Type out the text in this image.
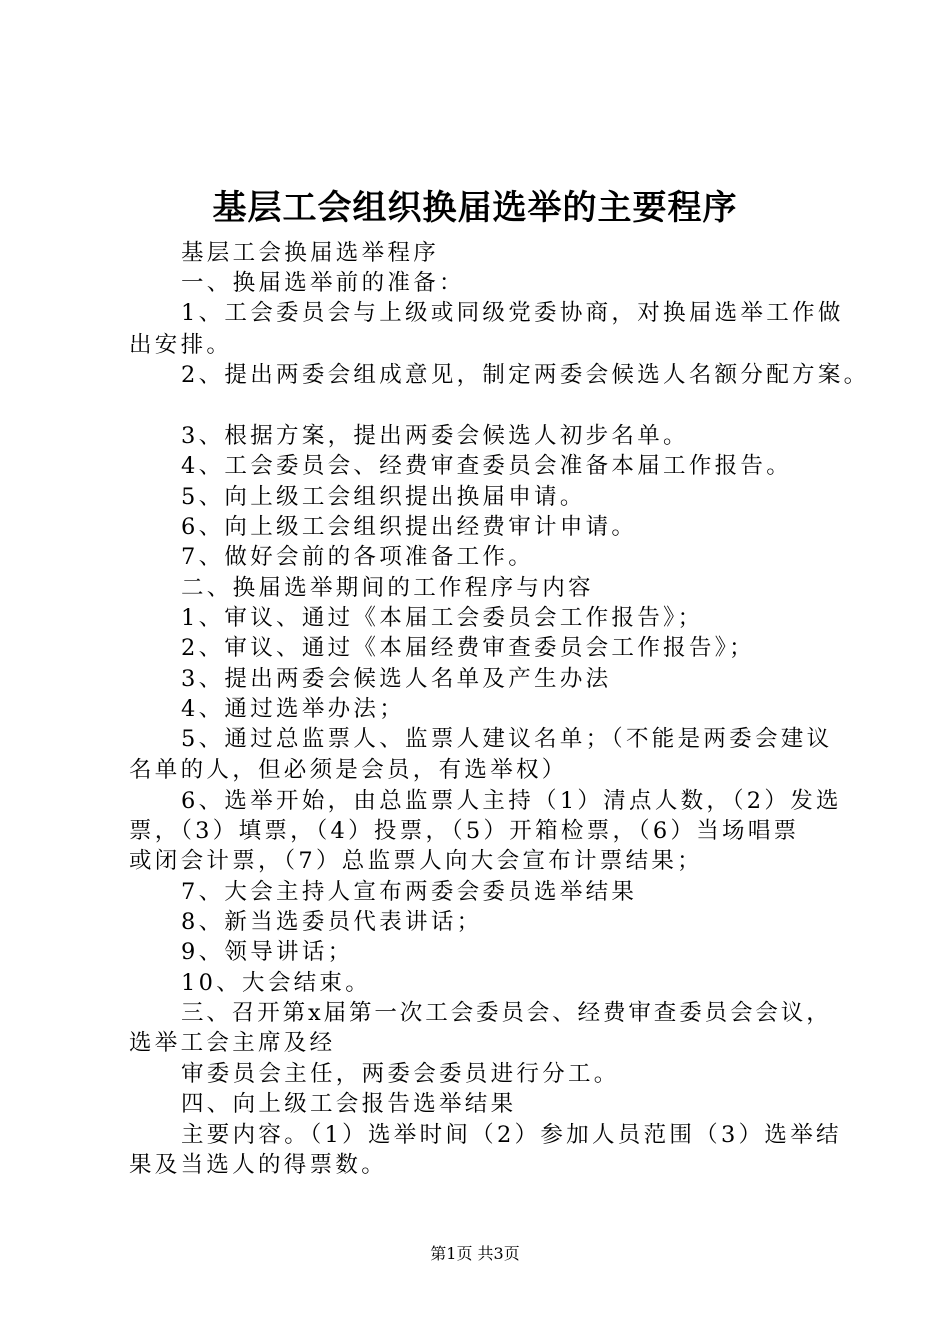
基层工会组织换届选举的主要程序
基层工会换届选举程序
一、换届选举前的准备：
1、工会委员会与上级或同级党委协商，对换届选举工作做
出安排。
2、提出两委会组成意见，制定两委会候选人名额分配方案。
3、根据方案，提出两委会候选人初步名单。
4、工会委员会、经费审查委员会准备本届工作报告。
5、向上级工会组织提出换届申请。
6、向上级工会组织提出经费审计申请。
7、做好会前的各项准备工作。
二、换届选举期间的工作程序与内容
1、审议、通过《本届工会委员会工作报告》；
2、审议、通过《本届经费审查委员会工作报告》；
3、提出两委会候选人名单及产生办法
4、通过选举办法；
5、通过总监票人、监票人建议名单；（不能是两委会建议
名单的人，但必须是会员，有选举权）
6、选举开始，由总监票人主持（1）清点人数，（2）发选
票，（3）填票，（4）投票，（5）开箱检票，（6）当场唱票
或闭会计票，（7）总监票人向大会宣布计票结果；
7、大会主持人宣布两委会委员选举结果
8、新当选委员代表讲话；
9、领导讲话；
10、大会结束。
三、召开第x届第一次工会委员会、经费审查委员会会议，
选举工会主席及经
审委员会主任，两委会委员进行分工。
四、向上级工会报告选举结果
主要内容。（1）选举时间（2）参加人员范围（3）选举结
果及当选人的得票数。
第1页 共3页
